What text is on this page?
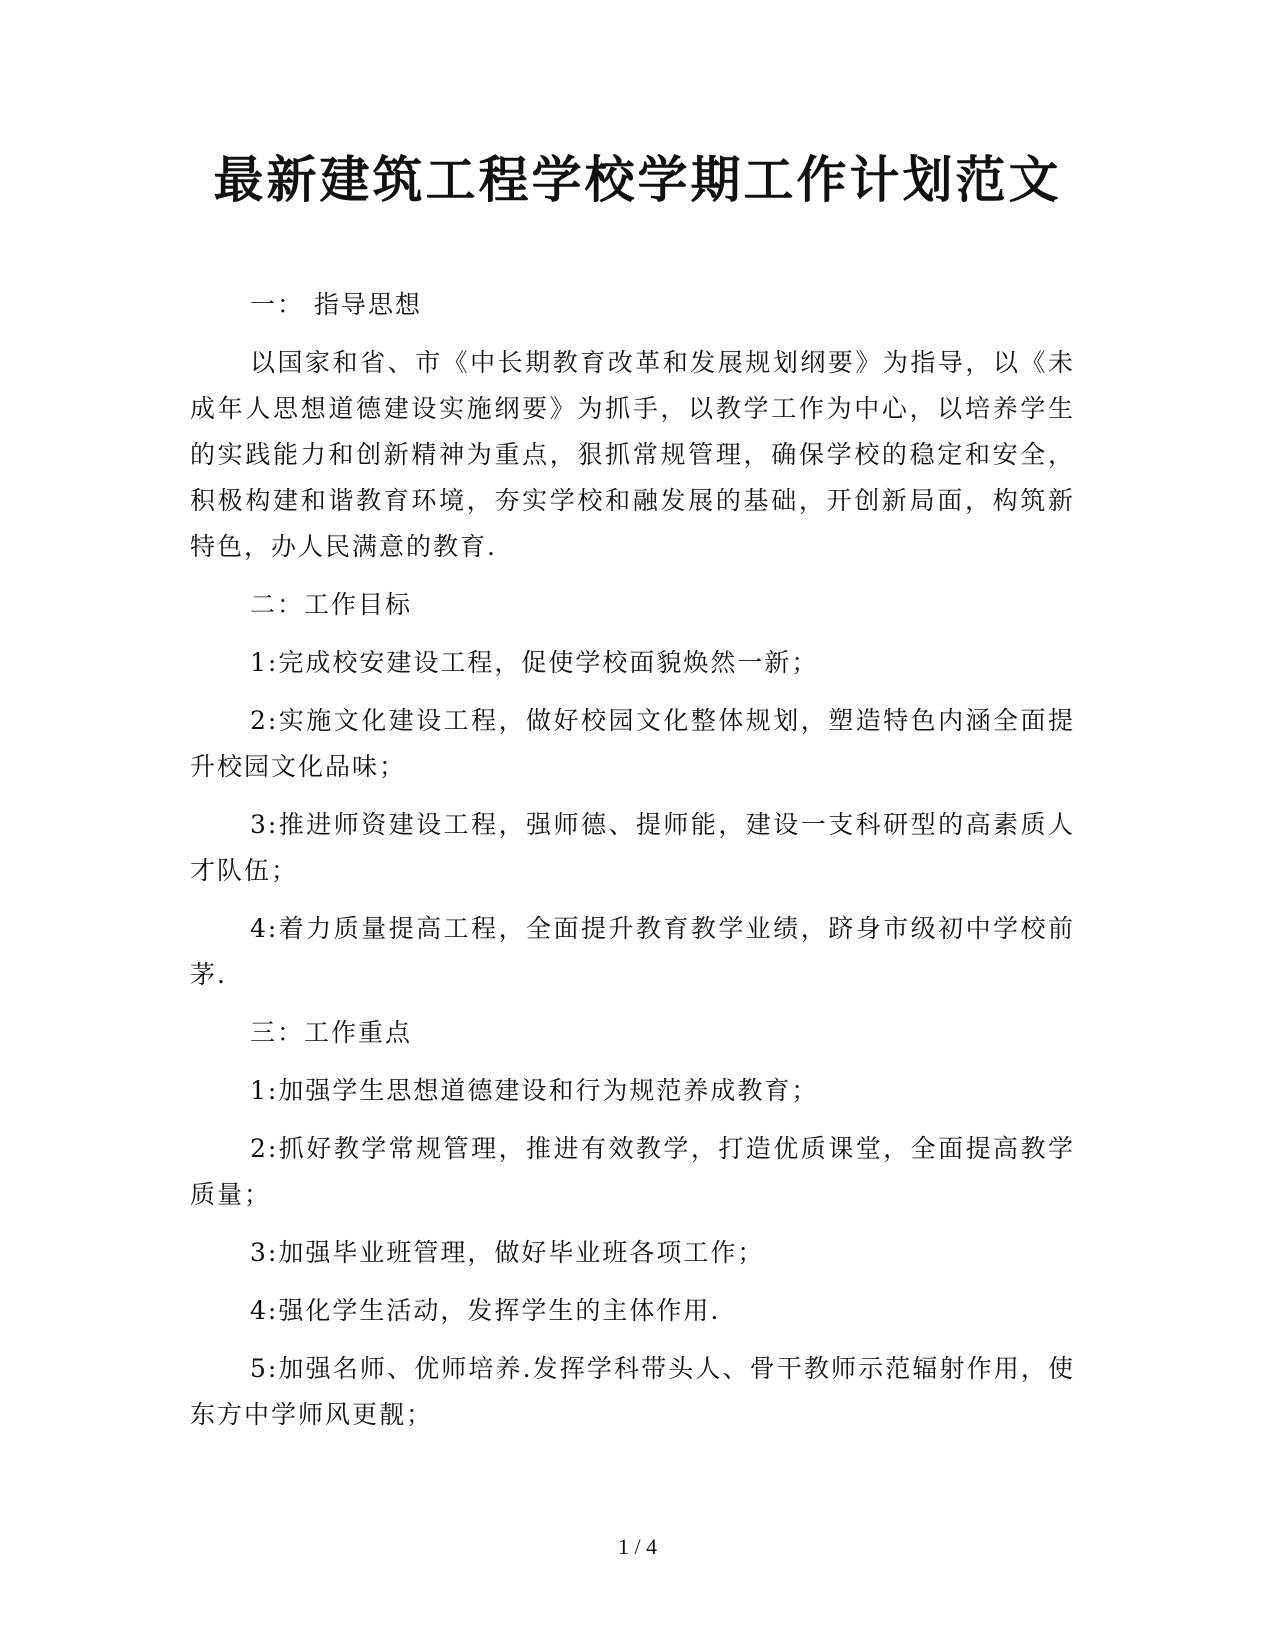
最新建筑工程学校学期工作计划范文

一： 指导思想

以国家和省、市《中长期教育改革和发展规划纲要》为指导，以《未成年人思想道德建设实施纲要》为抓手，以教学工作为中心，以培养学生的实践能力和创新精神为重点，狠抓常规管理，确保学校的稳定和安全，积极构建和谐教育环境，夯实学校和融发展的基础，开创新局面，构筑新特色，办人民满意的教育.

二：工作目标

1:完成校安建设工程，促使学校面貌焕然一新；

2:实施文化建设工程，做好校园文化整体规划，塑造特色内涵全面提升校园文化品味；

3:推进师资建设工程，强师德、提师能，建设一支科研型的高素质人才队伍；

4:着力质量提高工程，全面提升教育教学业绩，跻身市级初中学校前茅.

三：工作重点

1:加强学生思想道德建设和行为规范养成教育；

2:抓好教学常规管理，推进有效教学，打造优质课堂，全面提高教学质量；

3:加强毕业班管理，做好毕业班各项工作；

4:强化学生活动，发挥学生的主体作用.

5:加强名师、优师培养.发挥学科带头人、骨干教师示范辐射作用，使东方中学师风更靓；

1 / 4
